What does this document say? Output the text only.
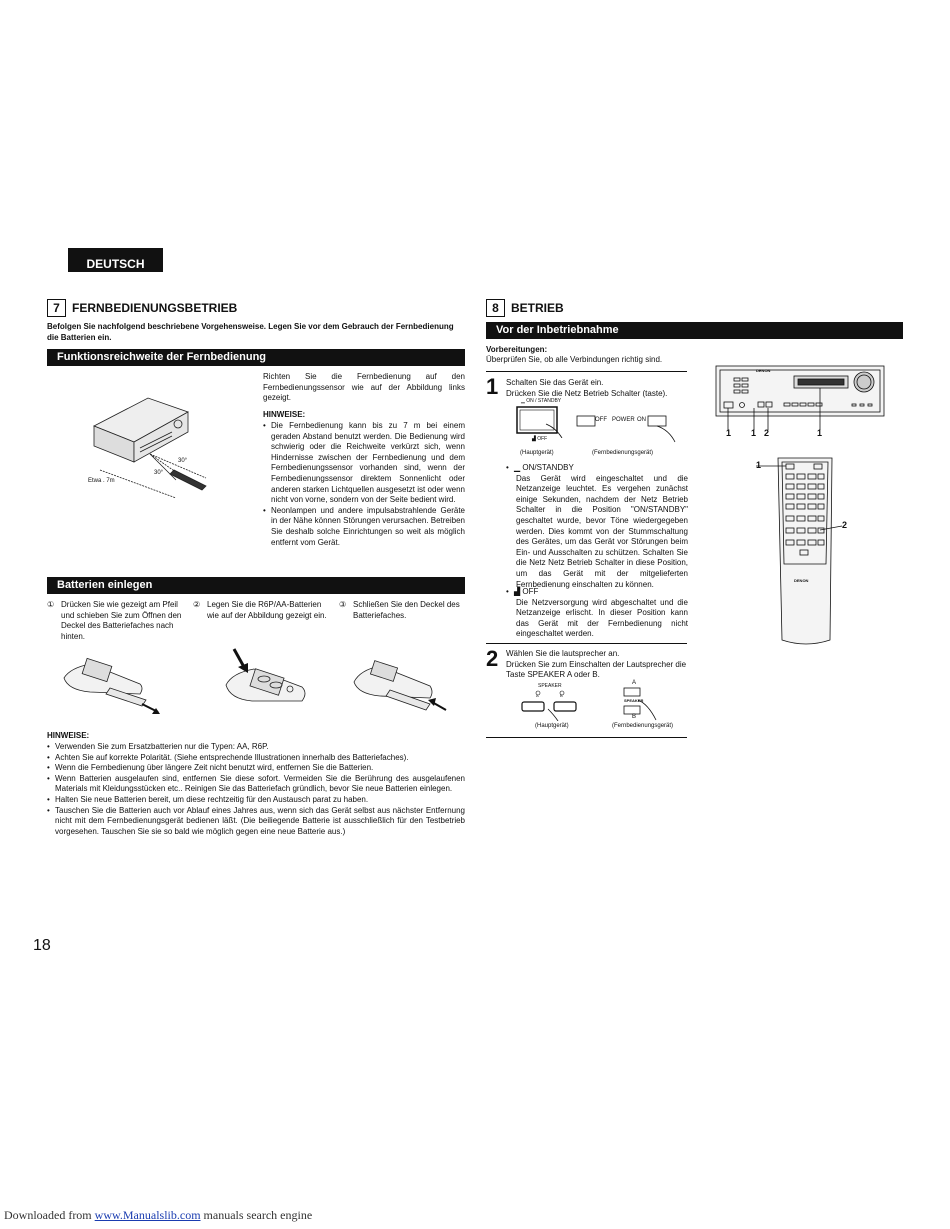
DEUTSCH
7	FERNBEDIENUNGSBETRIEB
Befolgen Sie nachfolgend beschriebene Vorgehensweise. Legen Sie vor dem Gebrauch der Fernbedienung die Batterien ein.
Funktionsreichweite der Fernbedienung
30°
30°
Etwa . 7m
Richten Sie die Fernbedienung auf den Fernbedienungssensor wie auf der Abbildung links gezeigt.
HINWEISE:
• Die Fernbedienung kann bis zu 7 m bei einem geraden Abstand benutzt werden. Die Bedienung wird schwierig oder die Reichweite verkürzt sich, wenn Hindernisse zwischen der Fernbedienung und dem Fernbedienungssensor vorhanden sind, wenn der Fernbedienungssensor direktem Sonnenlicht oder anderen starken Lichtquellen ausgesetzt ist oder wenn nicht von vorne, sondern von der Seite bedient wird.
• Neonlampen und andere impulsabstrahlende Geräte in der Nähe können Störungen verursachen. Betreiben Sie deshalb solche Einrichtungen so weit als möglich entfernt vom Gerät.
Batterien einlegen
① Drücken Sie wie gezeigt am Pfeil und schieben Sie zum Öffnen den Deckel des Batteriefaches nach hinten.
② Legen Sie die R6P/AA-Batterien wie auf der Abbildung gezeigt ein.
③ Schließen Sie den Deckel des Batteriefaches.
HINWEISE:
• Verwenden Sie zum Ersatzbatterien nur die Typen: AA, R6P.
• Achten Sie auf korrekte Polarität. (Siehe entsprechende Illustrationen innerhalb des Batteriefaches).
• Wenn die Fernbedienung über längere Zeit nicht benutzt wird, entfernen Sie die Batterien.
• Wenn Batterien ausgelaufen sind, entfernen Sie diese sofort. Vermeiden Sie die Berührung des ausgelaufenen Materials mit Kleidungsstücken etc.. Reinigen Sie das Batteriefach gründlich, bevor Sie neue Batterien einlegen.
• Halten Sie neue Batterien bereit, um diese rechtzeitig für den Austausch parat zu haben.
• Tauschen Sie die Batterien auch vor Ablauf eines Jahres aus, wenn sich das Gerät selbst aus nächster Entfernung nicht mit dem Fernbedienungsgerät bedienen läßt. (Die beiliegende Batterie ist ausschließlich für den Testbetrieb vorgesehen. Tauschen Sie sie so bald wie möglich gegen eine neue Batterie aus.)
18
8	BETRIEB
Vor der Inbetriebnahme
Vorbereitungen:
Überprüfen Sie, ob alle Verbindungen richtig sind.
1 Schalten Sie das Gerät ein.
Drücken Sie die Netz Betrieb Schalter (taste).
▁ ON / STANDBY
▟ OFF
(Hauptgerät)
OFF POWER ON
(Fernbedienungsgerät)
• ▁ ON/STANDBY
Das Gerät wird eingeschaltet und die Netzanzeige leuchtet. Es vergehen zunächst einige Sekunden, nachdem der Netz Betrieb Schalter in die Position "ON/STANDBY" geschaltet wurde, bevor Töne wiedergegeben werden. Dies kommt von der Stummschaltung des Gerätes, um das Gerät vor Störungen beim Ein- und Ausschalten zu schützen. Schalten Sie die Netz Netz Betrieb Schalter in diese Position, um das Gerät mit der mitgelieferten Fernbedienung einschalten zu können.
• ▟ OFF
Die Netzversorgung wird abgeschaltet und die Netzanzeige erlischt. In dieser Position kann das Gerät mit der Fernbedienung nicht eingeschaltet werden.
2 Wählen Sie die lautsprecher an.
Drücken Sie zum Einschalten der Lautsprecher die Taste SPEAKER A oder B.
SPEAKER
A	B
(Hauptgerät)
A
SPEAKER
B
(Fernbedienungsgerät)
DENON
1 1 2	1
DENON
1
2
Downloaded from www.Manualslib.com manuals search engine
